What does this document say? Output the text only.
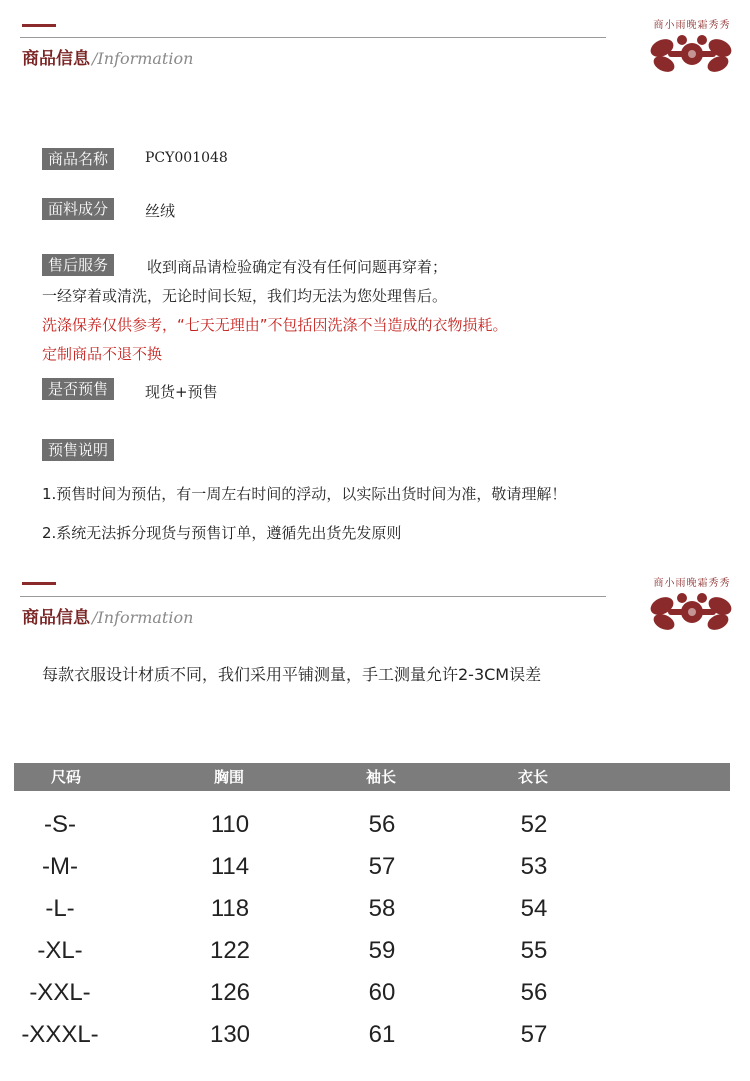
商品信息 /Information
商小雨晚霜秀秀
商品名称	PCY001048
面料成分	丝绒
售后服务	收到商品请检验确定有没有任何问题再穿着；
一经穿着或清洗，无论时间长短，我们均无法为您处理售后。
洗涤保养仅供参考，“七天无理由”不包括因洗涤不当造成的衣物损耗。
定制商品不退不换
是否预售	现货+预售
预售说明
1.预售时间为预估，有一周左右时间的浮动，以实际出货时间为准，敬请理解！
2.系统无法拆分现货与预售订单，遵循先出货先发原则
商品信息 /Information
商小雨晚霜秀秀
每款衣服设计材质不同，我们采用平铺测量，手工测量允许2-3CM误差
尺码	胸围	袖长	衣长
-S-	110	56	52
-M-	114	57	53
-L-	118	58	54
-XL-	122	59	55
-XXL-	126	60	56
-XXXL-	130	61	57
